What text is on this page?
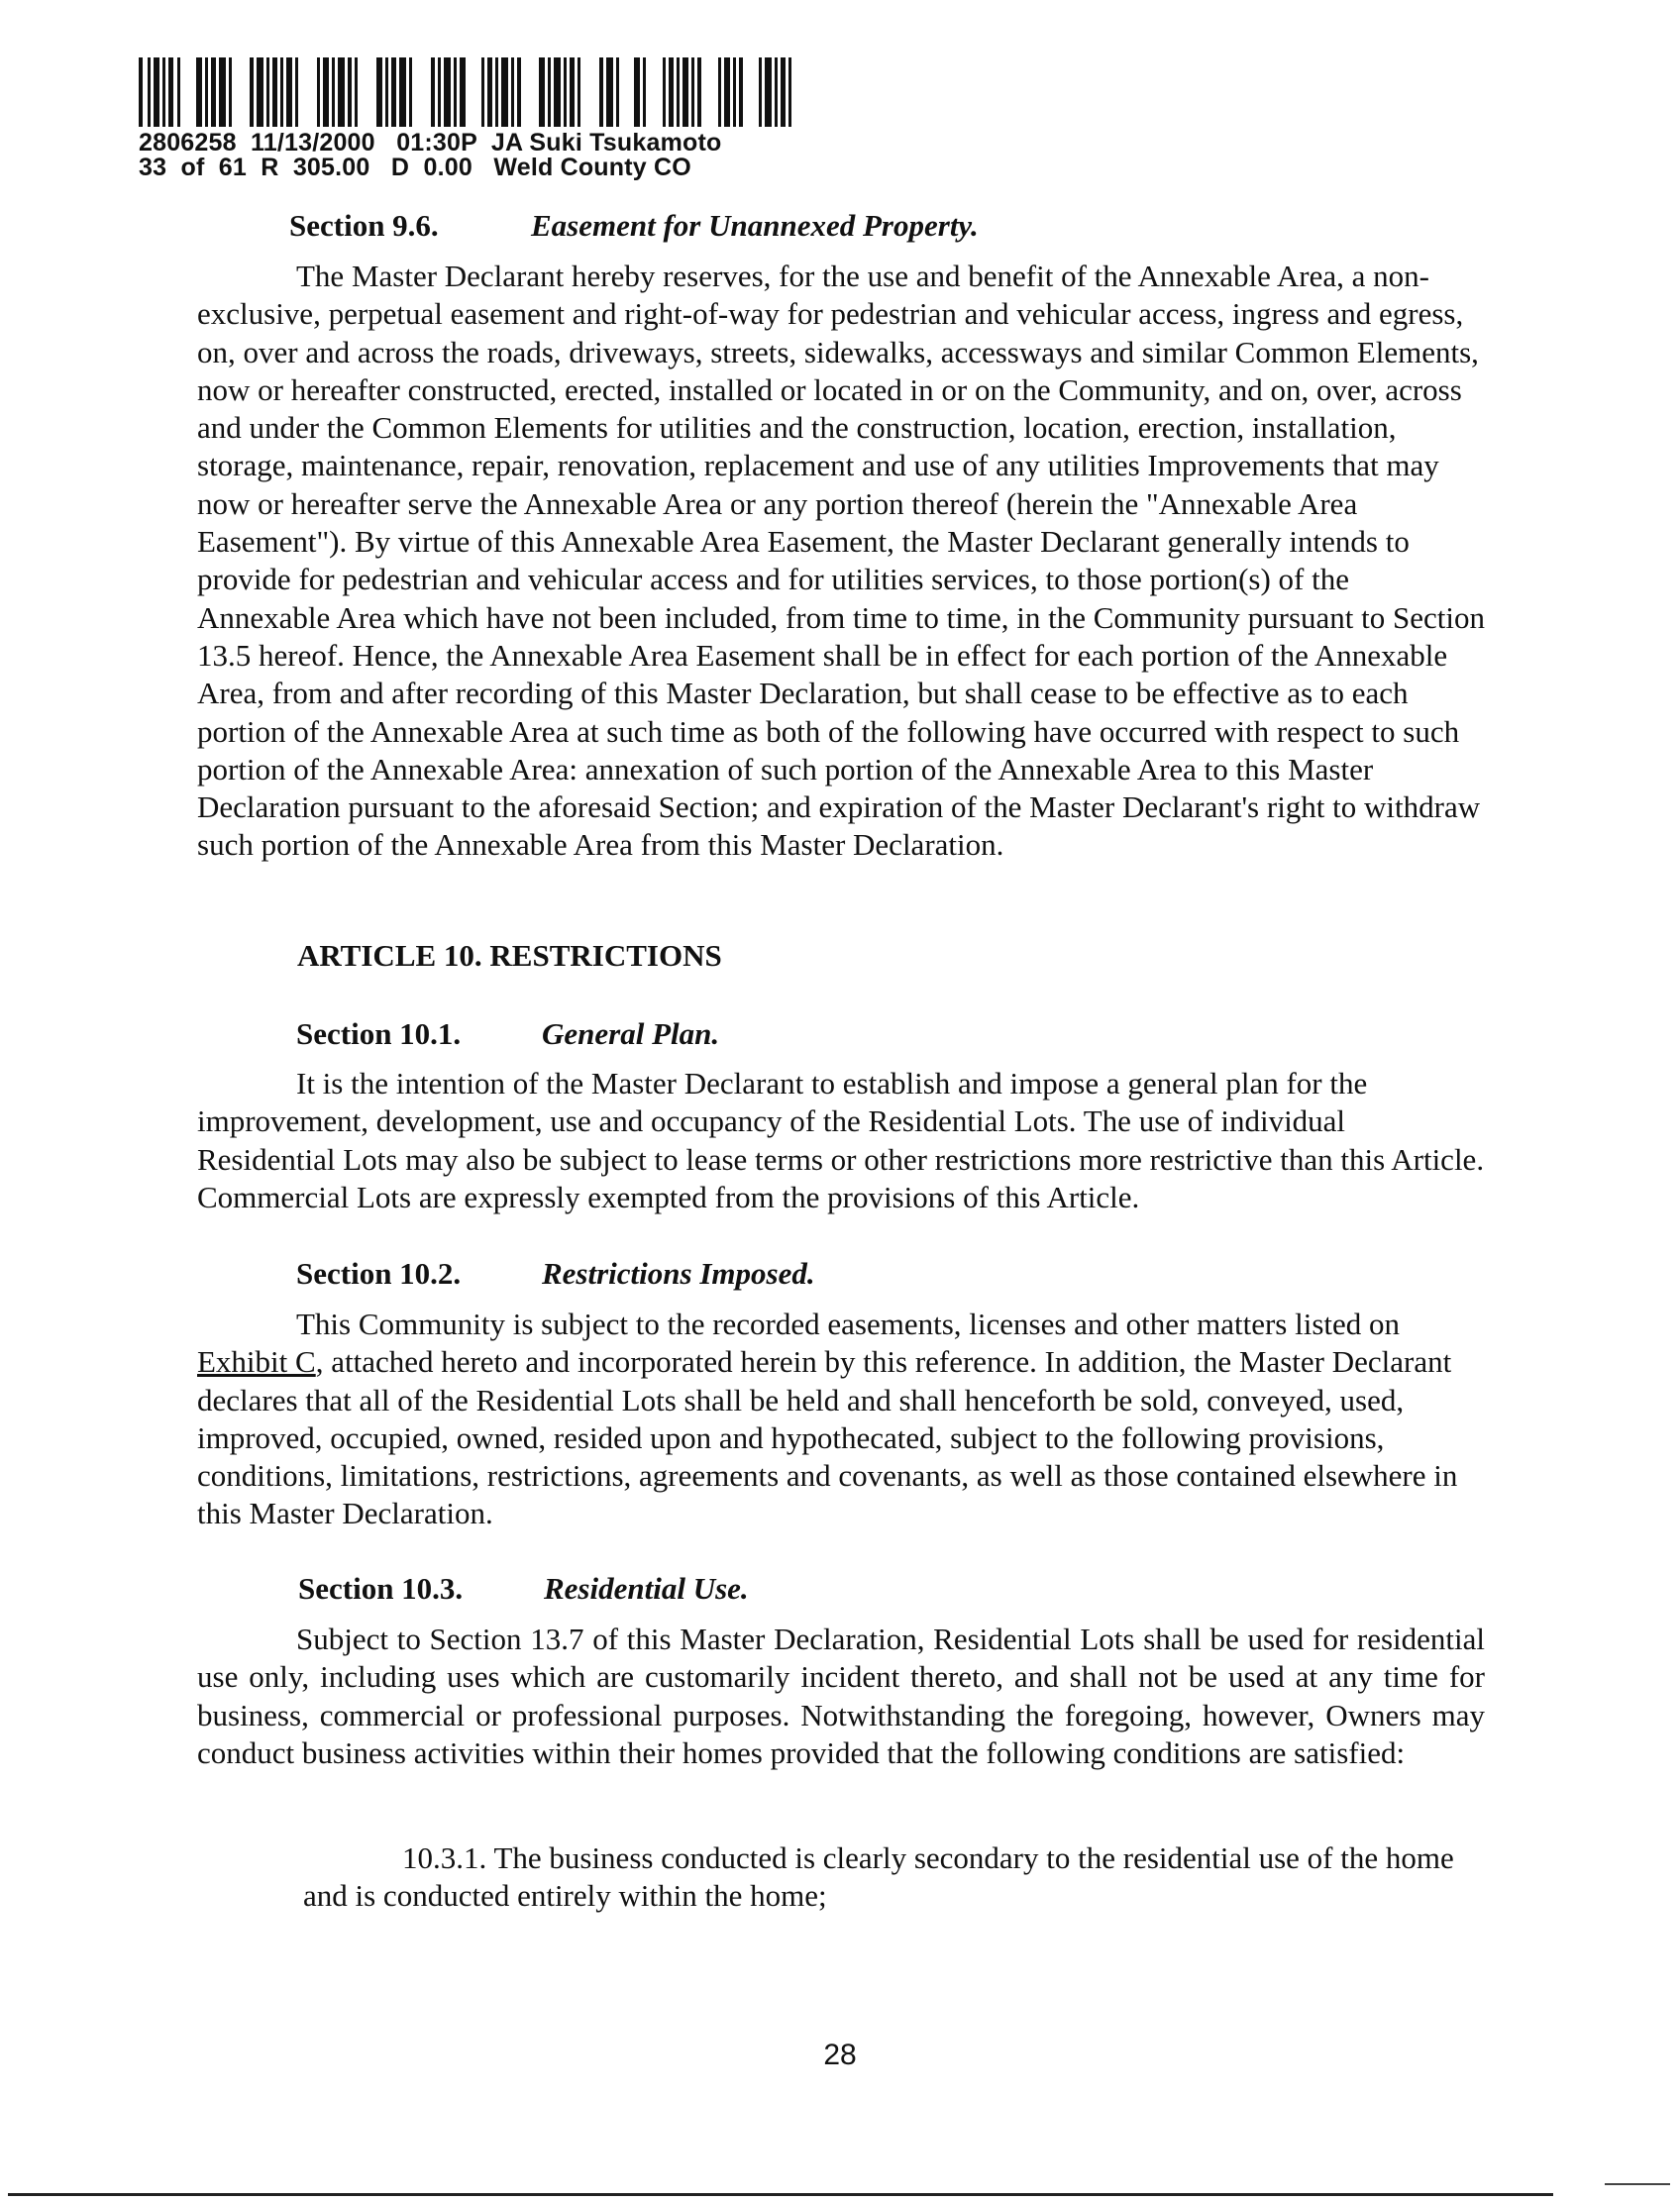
2806258  11/13/2000   01:30P  JA Suki Tsukamoto
33  of  61  R  305.00   D  0.00   Weld County CO
Section 9.6.	Easement for Unannexed Property.

The Master Declarant hereby reserves, for the use and benefit of the Annexable Area, a non-exclusive, perpetual easement and right-of-way for pedestrian and vehicular access, ingress and egress, on, over and across the roads, driveways, streets, sidewalks, accessways and similar Common Elements, now or hereafter constructed, erected, installed or located in or on the Community, and on, over, across and under the Common Elements for utilities and the construction, location, erection, installation, storage, maintenance, repair, renovation, replacement and use of any utilities Improvements that may now or hereafter serve the Annexable Area or any portion thereof (herein the "Annexable Area Easement"). By virtue of this Annexable Area Easement, the Master Declarant generally intends to provide for pedestrian and vehicular access and for utilities services, to those portion(s) of the Annexable Area which have not been included, from time to time, in the Community pursuant to Section 13.5 hereof. Hence, the Annexable Area Easement shall be in effect for each portion of the Annexable Area, from and after recording of this Master Declaration, but shall cease to be effective as to each portion of the Annexable Area at such time as both of the following have occurred with respect to such portion of the Annexable Area: annexation of such portion of the Annexable Area to this Master Declaration pursuant to the aforesaid Section; and expiration of the Master Declarant's right to withdraw such portion of the Annexable Area from this Master Declaration.

ARTICLE 10. RESTRICTIONS
Section 10.1.	General Plan.

It is the intention of the Master Declarant to establish and impose a general plan for the improvement, development, use and occupancy of the Residential Lots. The use of individual Residential Lots may also be subject to lease terms or other restrictions more restrictive than this Article. Commercial Lots are expressly exempted from the provisions of this Article.

Section 10.2.	Restrictions Imposed.

This Community is subject to the recorded easements, licenses and other matters listed on Exhibit C, attached hereto and incorporated herein by this reference. In addition, the Master Declarant declares that all of the Residential Lots shall be held and shall henceforth be sold, conveyed, used, improved, occupied, owned, resided upon and hypothecated, subject to the following provisions, conditions, limitations, restrictions, agreements and covenants, as well as those contained elsewhere in this Master Declaration.

Section 10.3.	Residential Use.

Subject to Section 13.7 of this Master Declaration, Residential Lots shall be used for residential use only, including uses which are customarily incident thereto, and shall not be used at any time for business, commercial or professional purposes. Notwithstanding the foregoing, however, Owners may conduct business activities within their homes provided that the following conditions are satisfied:

10.3.1. The business conducted is clearly secondary to the residential use of the home and is conducted entirely within the home;

28
